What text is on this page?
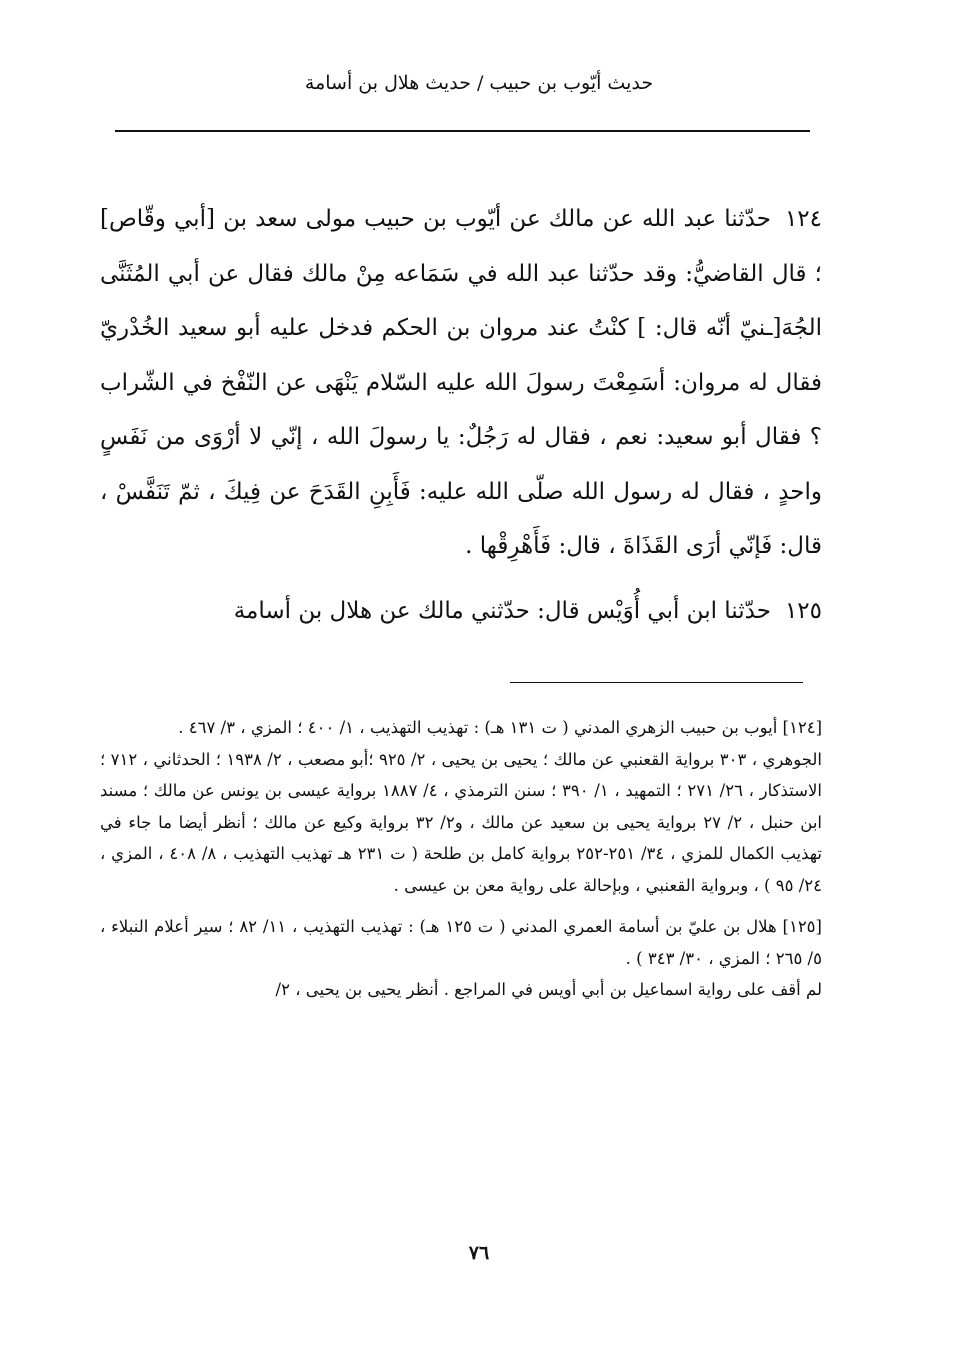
حديث أيّوب بن حبيب / حديث هلال بن أسامة

١٢٤حدّثنا عبد الله عن مالك عن أيّوب بن حبيب مولى سعد بن [أبي وقّاص] ؛ قال القاضيُّ: وقد حدّثنا عبد الله في سَمَاعه مِنْ مالك فقال عن أبي المُثَنَّى الجُهَ[ـنيّ أنّه قال: ] كنْتُ عند مروان بن الحكم فدخل عليه أبو سعيد الخُدْريّ فقال له مروان: أسَمِعْتَ رسولَ الله عليه السّلام يَنْهَى عن النّفْخ في الشّراب ؟ فقال أبو سعيد: نعم ، فقال له رَجُلٌ: يا رسولَ الله ، إنّي لا أرْوَى من نَفَسٍ واحدٍ ، فقال له رسول الله صلّى الله عليه: فَأَبِنِ القَدَحَ عن فِيكَ ، ثمّ تَنَفَّسْ ، قال: فَإنّي أرَى القَذَاةَ ، قال: فَأَهْرِقْها .

١٢٥حدّثنا ابن أبي أُوَيْس قال: حدّثني مالك عن هلال بن أسامة

[١٢٤] أيوب بن حبيب الزهري المدني ( ت ١٣١ هـ) : تهذيب التهذيب ، ١/ ٤٠٠ ؛ المزي ، ٣/ ٤٦٧ .

الجوهري ، ٣٠٣ برواية القعنبي عن مالك ؛ يحيى بن يحيى ، ٢/ ٩٢٥ ؛أبو مصعب ، ٢/ ١٩٣٨ ؛ الحدثاني ، ٧١٢ ؛ الاستذكار ، ٢٦/ ٢٧١ ؛ التمهيد ، ١/ ٣٩٠ ؛ سنن الترمذي ، ٤/ ١٨٨٧ برواية عيسى بن يونس عن مالك ؛ مسند ابن حنبل ، ٢/ ٢٧ برواية يحيى بن سعيد عن مالك ، و٢/ ٣٢ برواية وكيع عن مالك ؛ أنظر أيضا ما جاء في تهذيب الكمال للمزي ، ٣٤/ ٢٥١-٢٥٢ برواية كامل بن طلحة ( ت ٢٣١ هـ تهذيب التهذيب ، ٨/ ٤٠٨ ، المزي ، ٢٤/ ٩٥ ) ، وبرواية القعنبي ، وبإحالة على رواية معن بن عيسى .

[١٢٥] هلال بن عليّ بن أسامة العمري المدني ( ت ١٢٥ هـ) : تهذيب التهذيب ، ١١/ ٨٢ ؛ سير أعلام النبلاء ، ٥/ ٢٦٥ ؛ المزي ، ٣٠/ ٣٤٣ ) .

لم أقف على رواية اسماعيل بن أبي أويس في المراجع . أنظر يحيى بن يحيى ، ٢/

٧٦
